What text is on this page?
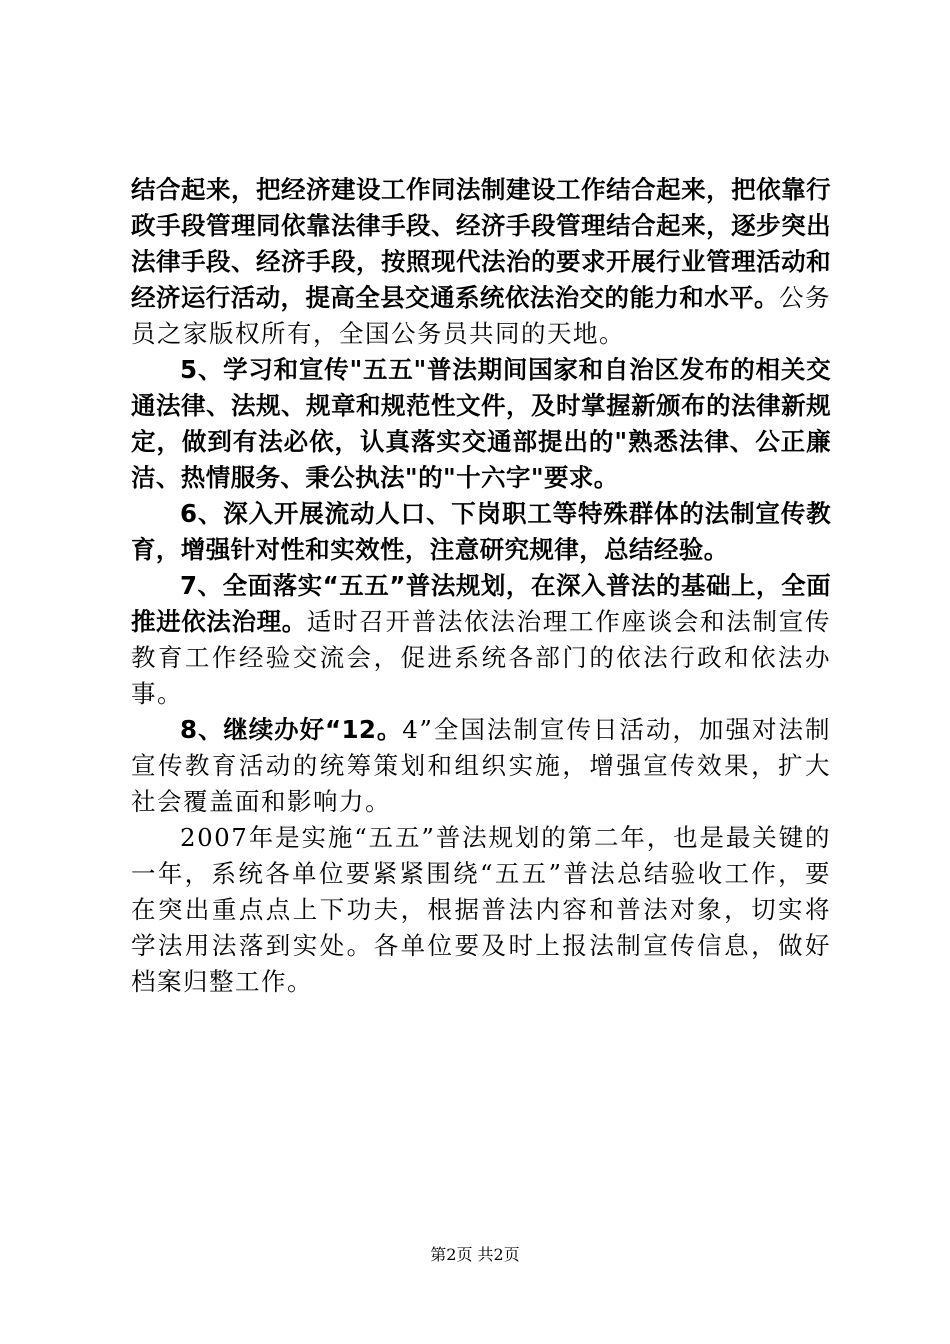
结合起来，把经济建设工作同法制建设工作结合起来，把依靠行政手段管理同依靠法律手段、经济手段管理结合起来，逐步突出法律手段、经济手段，按照现代法治的要求开展行业管理活动和经济运行活动，提高全县交通系统依法治交的能力和水平。公务员之家版权所有，全国公务员共同的天地。

5、学习和宣传"五五"普法期间国家和自治区发布的相关交通法律、法规、规章和规范性文件，及时掌握新颁布的法律新规定，做到有法必依，认真落实交通部提出的"熟悉法律、公正廉洁、热情服务、秉公执法"的"十六字"要求。

6、深入开展流动人口、下岗职工等特殊群体的法制宣传教育，增强针对性和实效性，注意研究规律，总结经验。

7、全面落实“五五”普法规划，在深入普法的基础上，全面推进依法治理。适时召开普法依法治理工作座谈会和法制宣传教育工作经验交流会，促进系统各部门的依法行政和依法办事。

8、继续办好“12。4”全国法制宣传日活动，加强对法制宣传教育活动的统筹策划和组织实施，增强宣传效果，扩大社会覆盖面和影响力。

2007年是实施“五五”普法规划的第二年，也是最关键的一年，系统各单位要紧紧围绕“五五”普法总结验收工作，要在突出重点点上下功夫，根据普法内容和普法对象，切实将学法用法落到实处。各单位要及时上报法制宣传信息，做好档案归整工作。

第2页 共2页
